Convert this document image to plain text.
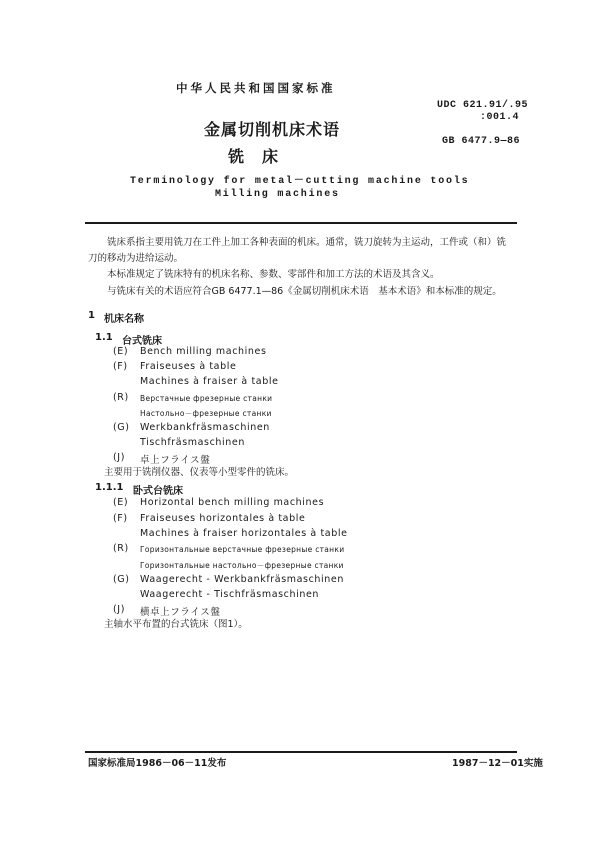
中华人民共和国国家标准
金属切削机床术语
铣　床
UDC 621.91/.95
:001.4
GB 6477.9—86
Terminology for metal－cutting machine tools
Milling machines
铣床系指主要用铣刀在工件上加工各种表面的机床。通常，铣刀旋转为主运动，工件或（和）铣
刀的移动为进给运动。
本标准规定了铣床特有的机床名称、参数、零部件和加工方法的术语及其含义。
与铣床有关的术语应符合GB 6477.1—86《金属切削机床术语　基本术语》和本标准的规定。
1 机床名称
1.1 台式铣床
(E) Bench milling machines
(F) Fraiseuses à table
Machines à fraiser à table
(R) Верстачные фрезерные станки
Настольно－фрезерные станки
(G) Werkbankfräsmaschinen
Tischfräsmaschinen
(J) 卓上フライス盤
主要用于铣削仪器、仪表等小型零件的铣床。
1.1.1 卧式台铣床
(E) Horizontal bench milling machines
(F) Fraiseuses horizontales à table
Machines à fraiser horizontales à table
(R) Горизонтальные верстачные фрезерные станки
Горизонтальные настольно－фрезерные станки
(G) Waagerecht - Werkbankfräsmaschinen
Waagerecht - Tischfräsmaschinen
(J) 横卓上フライス盤
主轴水平布置的台式铣床（图1）。
国家标准局1986－06－11发布	1987－12－01实施
